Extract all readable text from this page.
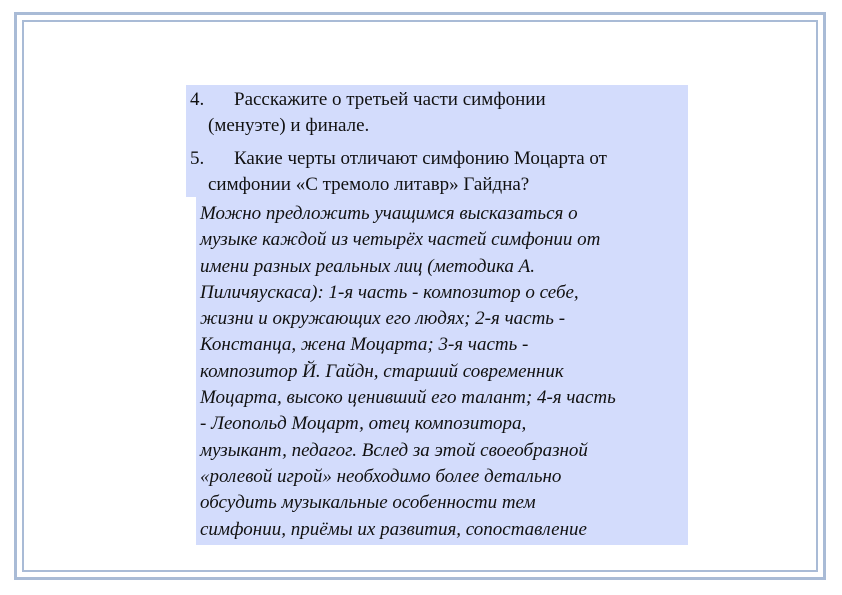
4. Расскажите о третьей части симфонии
(менуэте) и финале.
5. Какие черты отличают симфонию Моцарта от
симфонии «С тремоло литавр» Гайдна?

Можно предложить учащимся высказаться о
музыке каждой из четырёх частей симфонии от
имени разных реальных лиц (методика А.
Пиличяускаса): 1-я часть - композитор о себе,
жизни и окружающих его людях; 2-я часть -
Констанца, жена Моцарта; 3-я часть -
композитор Й. Гайдн, старший современник
Моцарта, высоко ценивший его талант; 4-я часть
- Леопольд Моцарт, отец композитора,
музыкант, педагог. Вслед за этой своеобразной
«ролевой игрой» необходимо более детально
обсудить музыкальные особенности тем
симфонии, приёмы их развития, сопоставление
